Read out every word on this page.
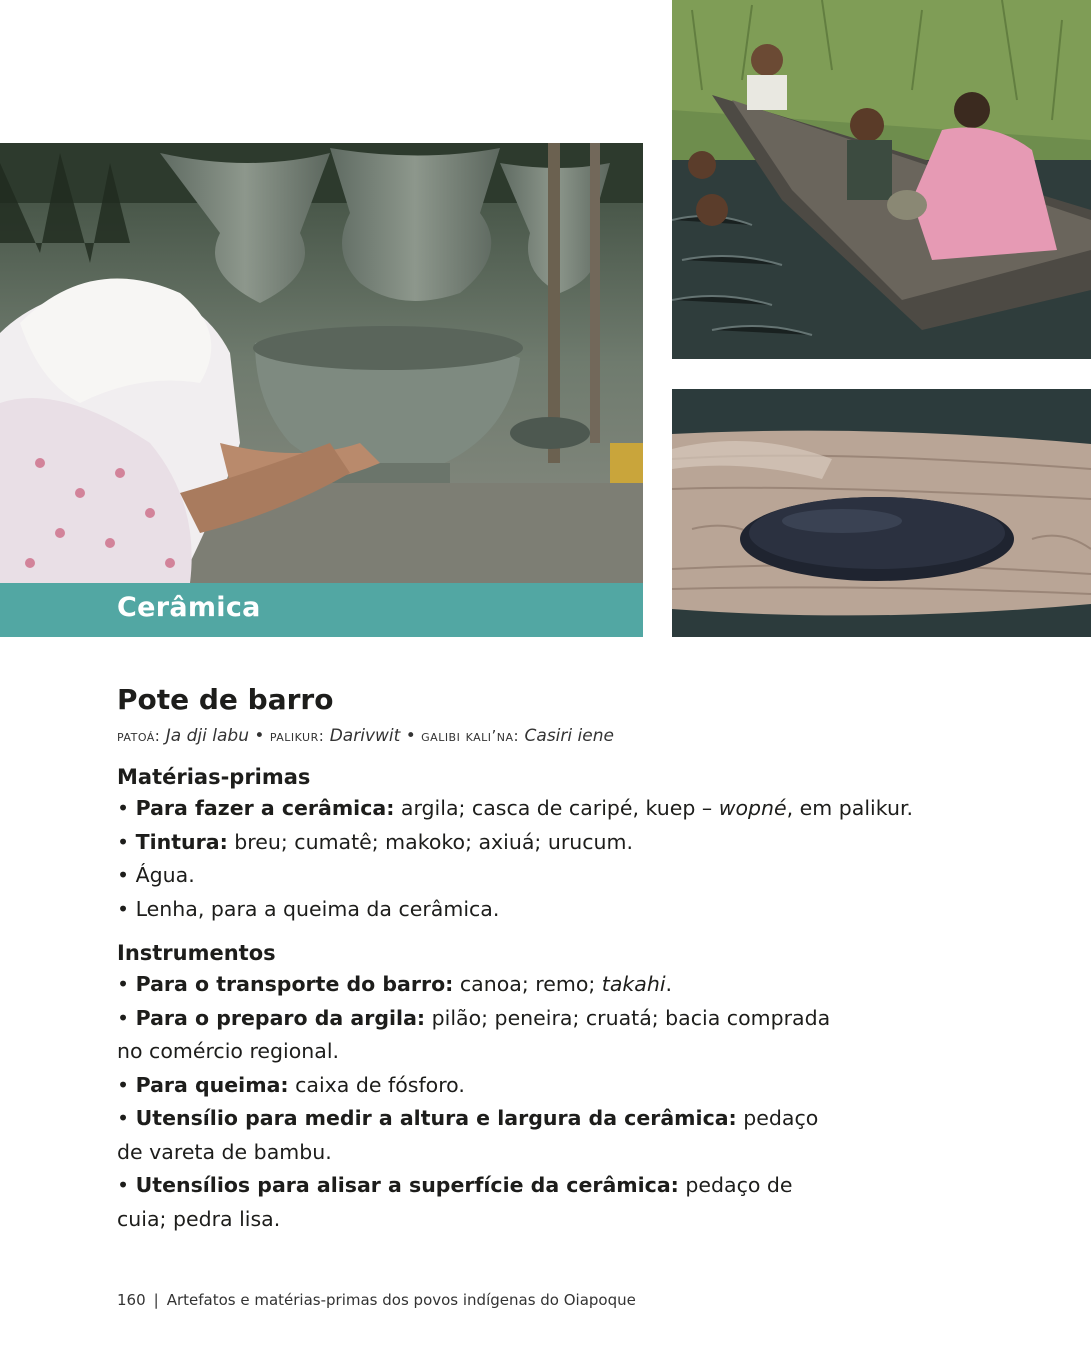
Cerâmica
Pote de barro

patoá: Ja dji labu • palikur: Darivwit • galibi kali’na: Casiri iene

Matérias-primas

• Para fazer a cerâmica: argila; casca de caripé, kuep – wopné, em palikur.

• Tintura: breu; cumatê; makoko; axiuá; urucum.

• Água.

• Lenha, para a queima da cerâmica.

Instrumentos

• Para o transporte do barro: canoa; remo; takahi.

• Para o preparo da argila: pilão; peneira; cruatá; bacia comprada no comércio regional.

• Para queima: caixa de fósforo.

• Utensílio para medir a altura e largura da cerâmica: pedaço de vareta de bambu.

• Utensílios para alisar a superfície da cerâmica: pedaço de cuia; pedra lisa.

160 | Artefatos e matérias-primas dos povos indígenas do Oiapoque
